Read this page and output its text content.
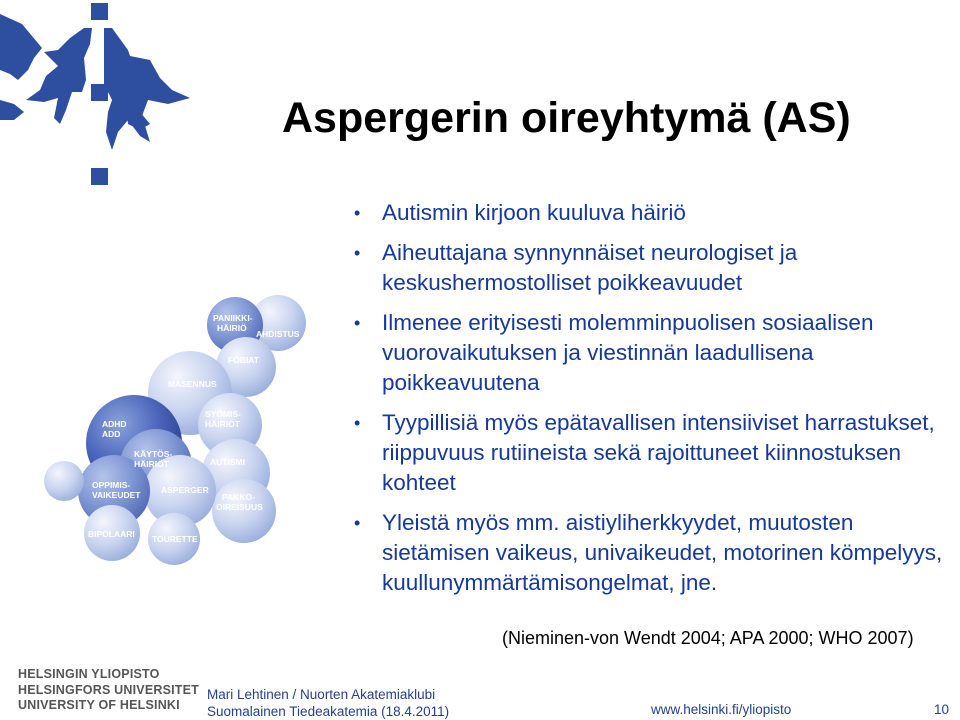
Aspergerin oireyhtymä (AS)
• Autismin kirjoon kuuluva häiriö
• Aiheuttajana synnynnäiset neurologiset ja keskushermostolliset poikkeavuudet
• Ilmenee erityisesti molemminpuolisen sosiaalisen vuorovaikutuksen ja viestinnän laadullisena poikkeavuutena
• Tyypillisiä myös epätavallisen intensiiviset harrastukset, riippuvuus rutiineista sekä rajoittuneet kiinnostuksen kohteet
• Yleistä myös mm. aistiyliherkkyydet, muutosten sietämisen vaikeus, univaikeudet, motorinen kömpelyys, kuullunymmärtämisongelmat, jne.
PANIIKKI-HÄIRIÖ
AHDISTUS
FOBIAT
MASENNUS
SYÖMIS-HÄIRIÖT
ADHD ADD
KÄYTÖS-HÄIRIÖT	AUTISMI
OPPIMIS-VAIKEUDET ASPERGER
PAKKO-OIREISUUS
BIPOLAARI TOURETTE
(Nieminen-von Wendt 2004; APA 2000; WHO 2007)
HELSINGIN YLIOPISTO
HELSINGFORS UNIVERSITET
UNIVERSITY OF HELSINKI
Mari Lehtinen / Nuorten Akatemiaklubi
Suomalainen Tiedeakatemia (18.4.2011)	www.helsinki.fi/yliopisto	10
